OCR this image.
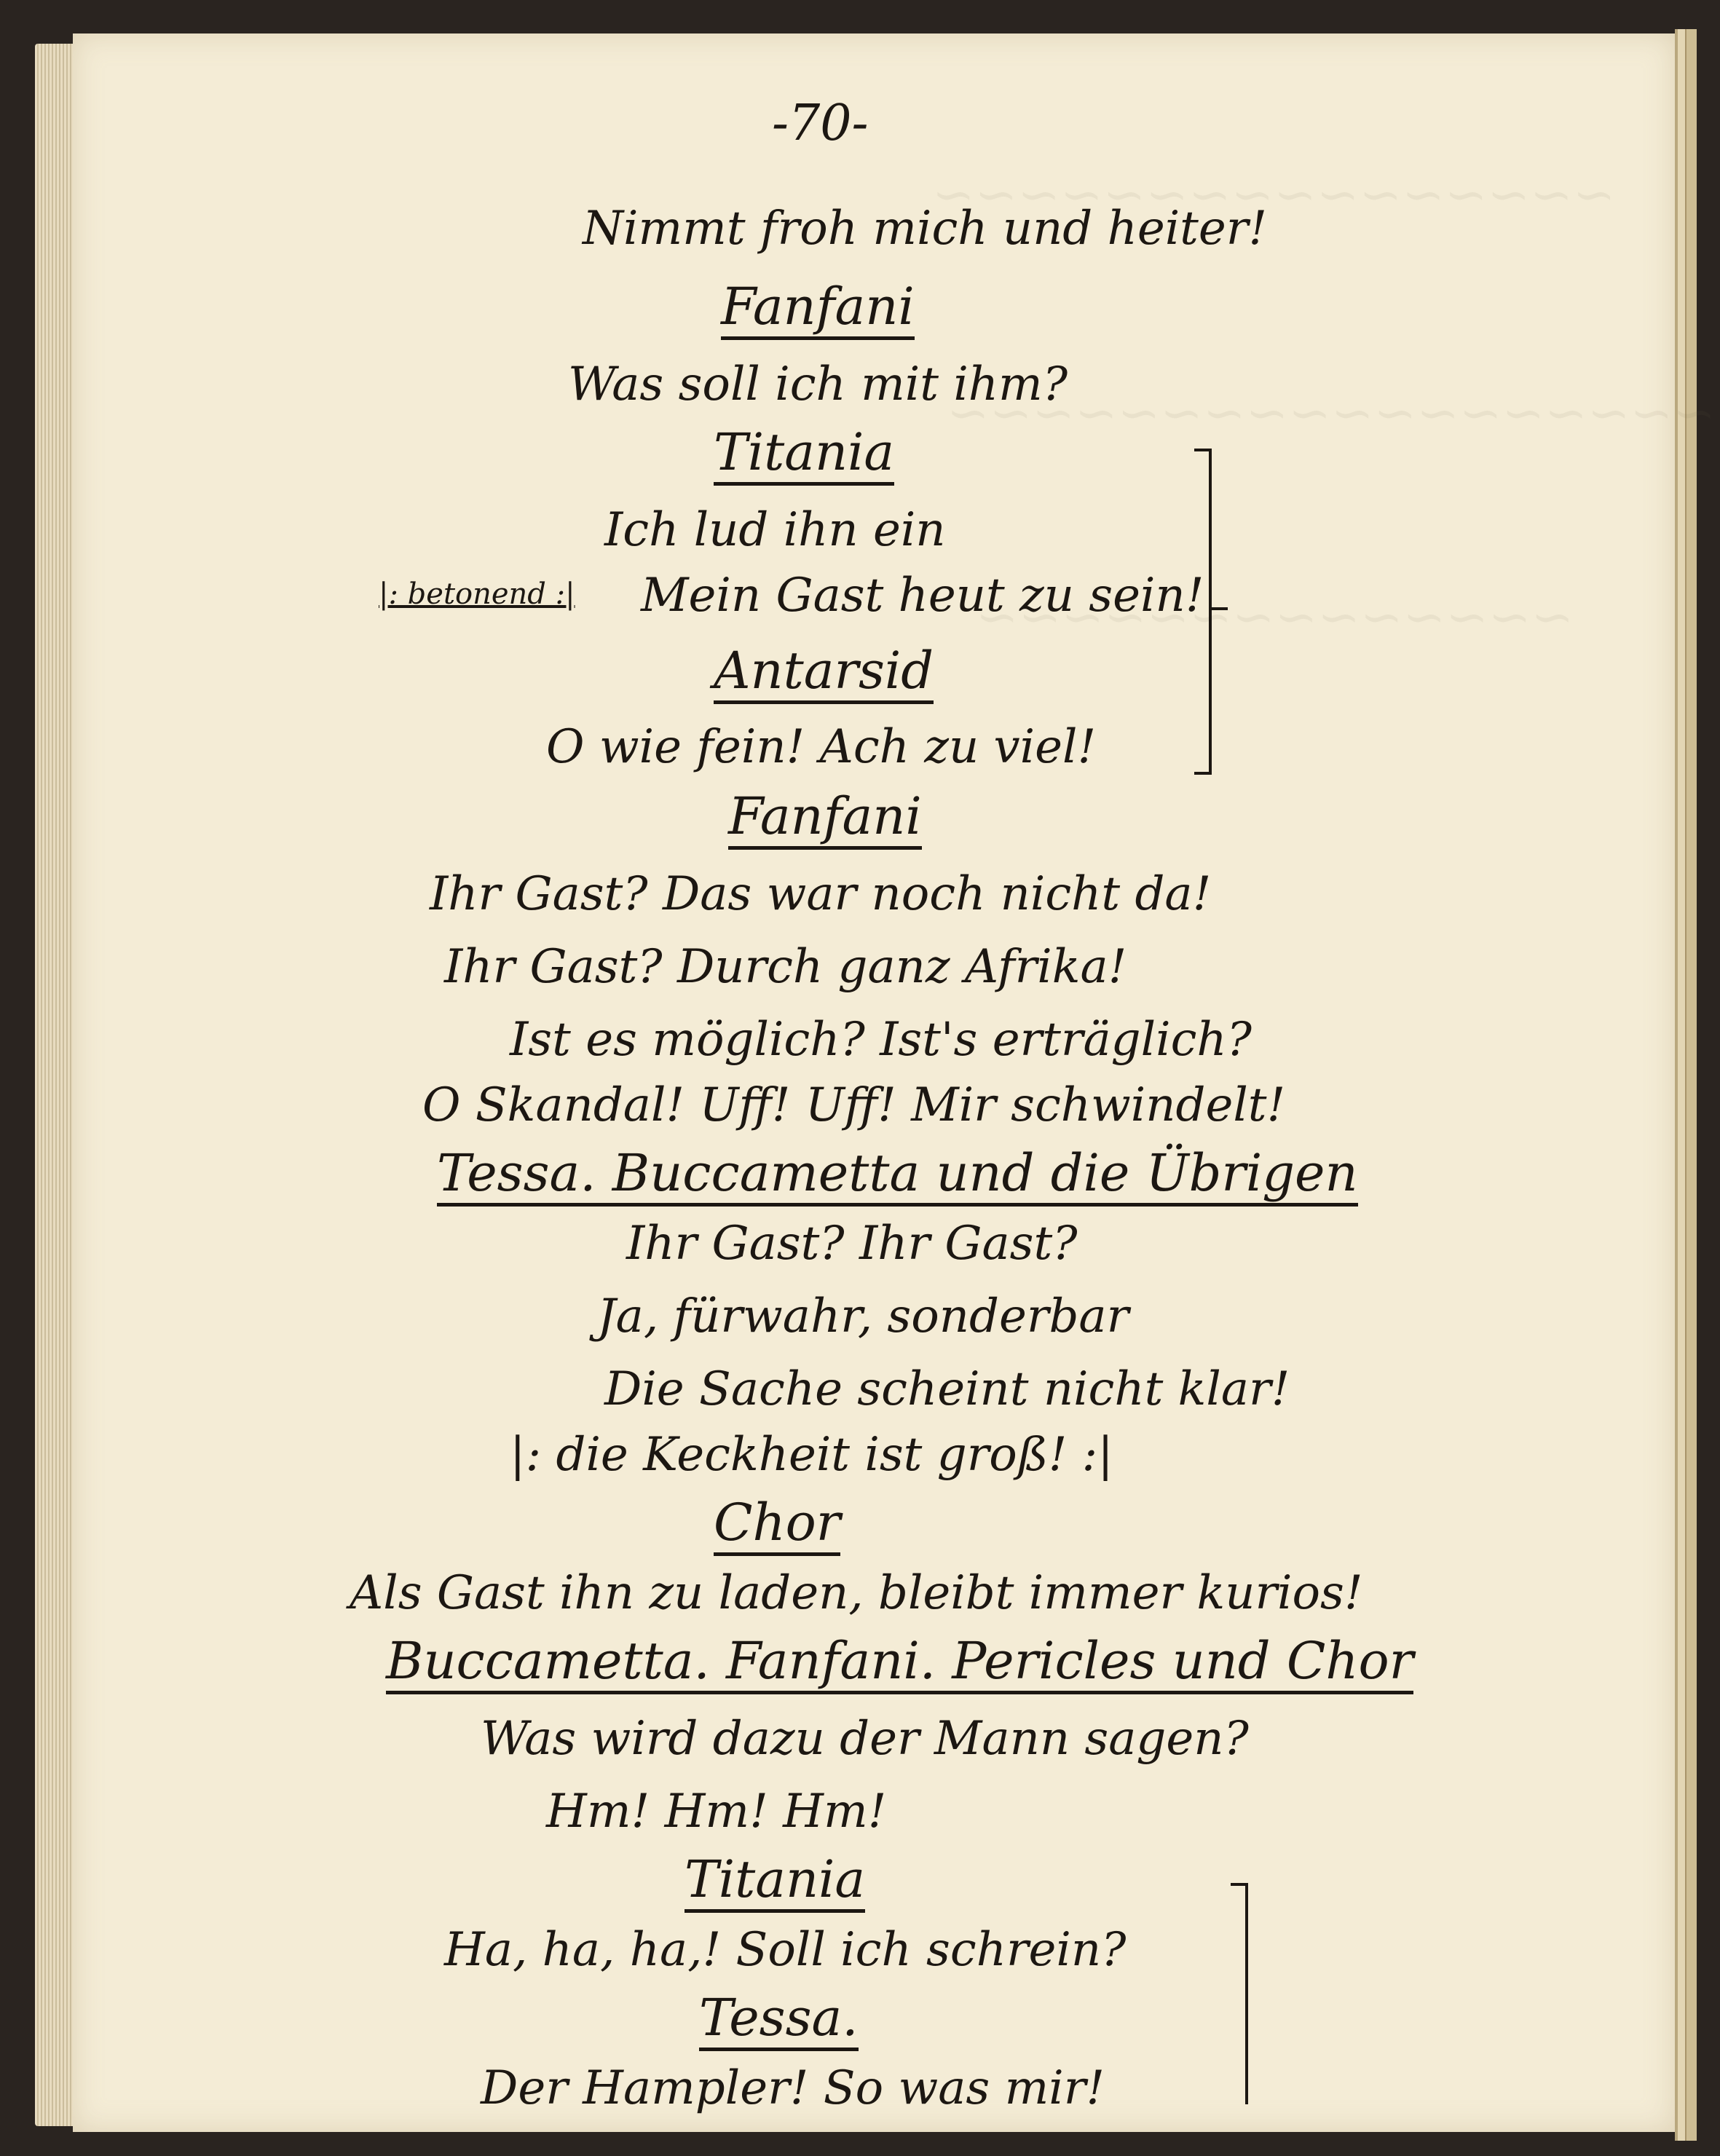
~~~~~~~~~~~~~~~~
~~~~~~~~~~~~~~~~~~
~~~~~~~~~~~~~~
-70-
Nimmt froh mich und heiter!
Fanfani
Was soll ich mit ihm?
Titania
Ich lud ihn ein
|: betonend :| Mein Gast heut zu sein!
Antarsid
O wie fein! Ach zu viel!
Fanfani
Ihr Gast? Das war noch nicht da!
Ihr Gast? Durch ganz Afrika!
Ist es möglich? Ist's erträglich?
O Skandal! Uff! Uff! Mir schwindelt!
Tessa. Buccametta und die Übrigen
Ihr Gast? Ihr Gast?
Ja, fürwahr, sonderbar
Die Sache scheint nicht klar!
|: die Keckheit ist groß! :|
Chor
Als Gast ihn zu laden, bleibt immer kurios!
Buccametta. Fanfani. Pericles und Chor
Was wird dazu der Mann sagen?
Hm! Hm! Hm!
Titania
Ha, ha, ha,! Soll ich schrein?
Tessa.
Der Hampler! So was mir!
